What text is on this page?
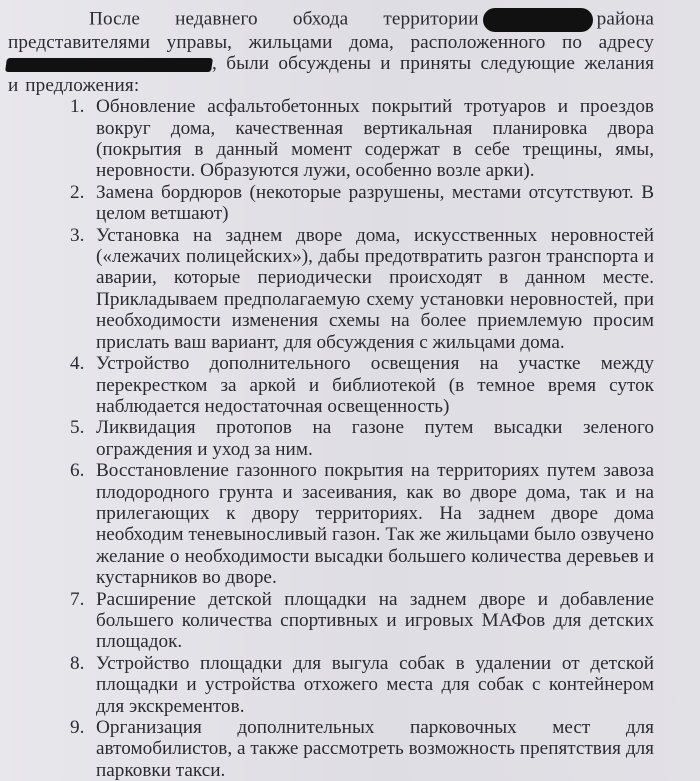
После недавнего обхода территории	района представителями управы, жильцами дома, расположенного по адресу , были обсуждены и приняты следующие желания и предложения:

1. Обновление асфальтобетонных покрытий тротуаров и проездов вокруг дома, качественная вертикальная планировка двора (покрытия в данный момент содержат в себе трещины, ямы, неровности. Образуются лужи, особенно возле арки).
2. Замена бордюров (некоторые разрушены, местами отсутствуют. В целом ветшают)
3. Установка на заднем дворе дома, искусственных неровностей («лежачих полицейских»), дабы предотвратить разгон транспорта и аварии, которые периодически происходят в данном месте. Прикладываем предполагаемую схему установки неровностей, при необходимости изменения схемы на более приемлемую просим прислать ваш вариант, для обсуждения с жильцами дома.
4. Устройство дополнительного освещения на участке между перекрестком за аркой и библиотекой (в темное время суток наблюдается недостаточная освещенность)
5. Ликвидация протопов на газоне путем высадки зеленого ограждения и уход за ним.
6. Восстановление газонного покрытия на территориях путем завоза плодородного грунта и засеивания, как во дворе дома, так и на прилегающих к двору территориях. На заднем дворе дома необходим теневыносливый газон. Так же жильцами было озвучено желание о необходимости высадки большего количества деревьев и кустарников во дворе.
7. Расширение детской площадки на заднем дворе и добавление большего количества спортивных и игровых МАФов для детских площадок.
8. Устройство площадки для выгула собак в удалении от детской площадки и устройства отхожего места для собак с контейнером для экскрементов.
9. Организация дополнительных парковочных мест для автомобилистов, а также рассмотреть возможность препятствия для парковки такси.
